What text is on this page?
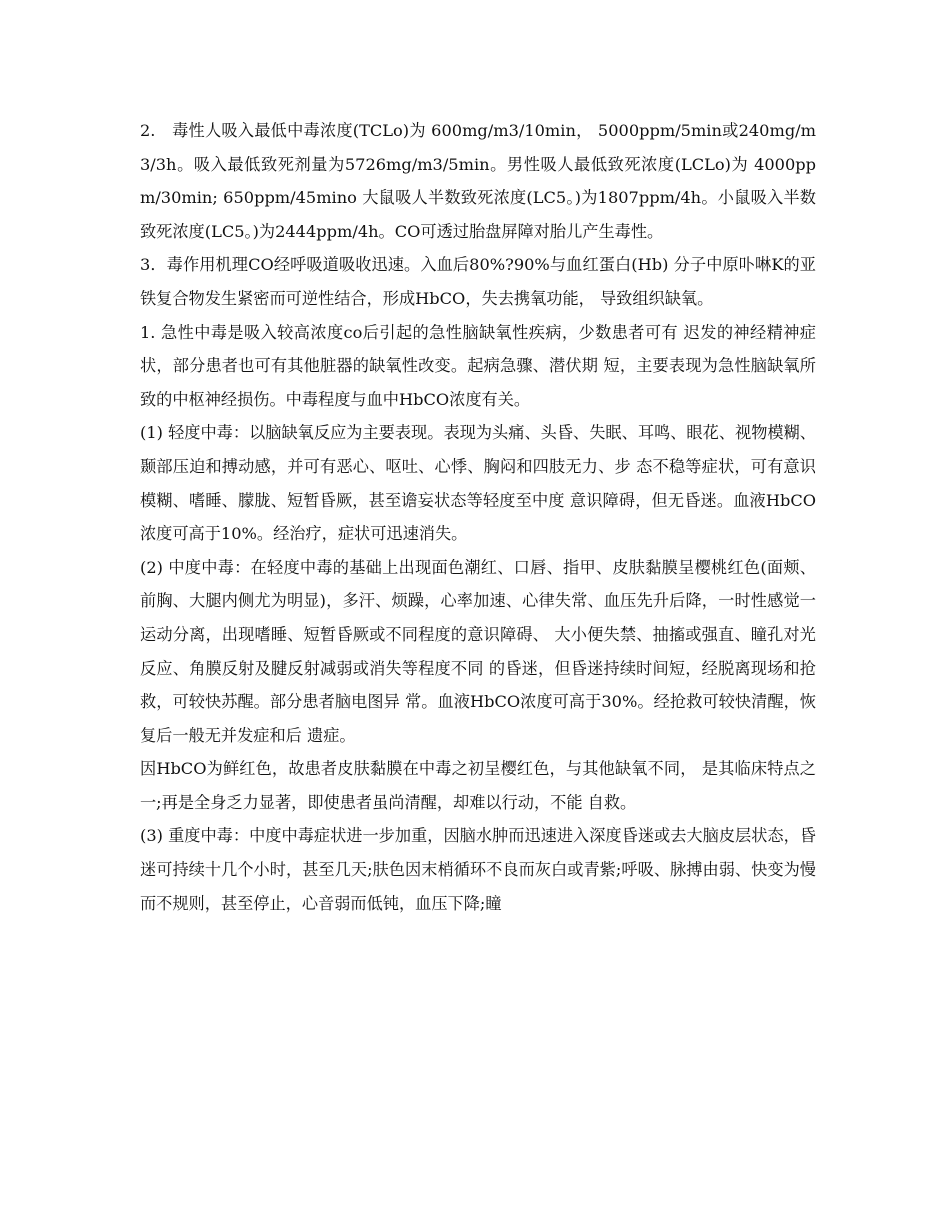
2.　毒性人吸入最低中毒浓度(TCLo)为 600mg/m3/10min， 5000ppm/5min或240mg/m3/3h。吸入最低致死剂量为5726mg/m3/5min。男性吸人最低致死浓度(LCLo)为 4000ppm/30min; 650ppm/45mino 大鼠吸人半数致死浓度(LC5。)为1807ppm/4h。小鼠吸入半数致死浓度(LC5。)为2444ppm/4h。CO可透过胎盘屏障对胎儿产生毒性。

3．毒作用机理CO经呼吸道吸收迅速。入血后80%?90%与血红蛋白(Hb) 分子中原卟啉K的亚铁复合物发生紧密而可逆性结合，形成HbCO，失去携氧功能， 导致组织缺氧。

1. 急性中毒是吸入较高浓度co后引起的急性脑缺氧性疾病，少数患者可有 迟发的神经精神症状，部分患者也可有其他脏器的缺氧性改变。起病急骤、潜伏期 短，主要表现为急性脑缺氧所致的中枢神经损伤。中毒程度与血中HbCO浓度有关。

(1) 轻度中毒：以脑缺氧反应为主要表现。表现为头痛、头昏、失眠、耳鸣、眼花、视物模糊、颞部压迫和搏动感，并可有恶心、呕吐、心悸、胸闷和四肢无力、步 态不稳等症状，可有意识模糊、嗜睡、朦胧、短暂昏厥，甚至谵妄状态等轻度至中度 意识障碍，但无昏迷。血液HbCO浓度可高于10%。经治疗，症状可迅速消失。

(2) 中度中毒：在轻度中毒的基础上出现面色潮红、口唇、指甲、皮肤黏膜呈樱桃红色(面颊、前胸、大腿内侧尤为明显)，多汗、烦躁，心率加速、心律失常、血压先升后降，一时性感觉一运动分离，出现嗜睡、短暂昏厥或不同程度的意识障碍、 大小便失禁、抽搐或强直、瞳孔对光反应、角膜反射及腱反射减弱或消失等程度不同 的昏迷，但昏迷持续时间短，经脱离现场和抢救，可较快苏醒。部分患者脑电图异 常。血液HbCO浓度可高于30%。经抢救可较快清醒，恢复后一般无并发症和后 遗症。

因HbCO为鲜红色，故患者皮肤黏膜在中毒之初呈樱红色，与其他缺氧不同， 是其临床特点之一;再是全身乏力显著，即使患者虽尚清醒，却难以行动，不能 自救。

(3) 重度中毒：中度中毒症状进一步加重，因脑水肿而迅速进入深度昏迷或去大脑皮层状态，昏迷可持续十几个小时，甚至几天;肤色因末梢循环不良而灰白或青紫;呼吸、脉搏由弱、快变为慢而不规则，甚至停止，心音弱而低钝，血压下降;瞳
